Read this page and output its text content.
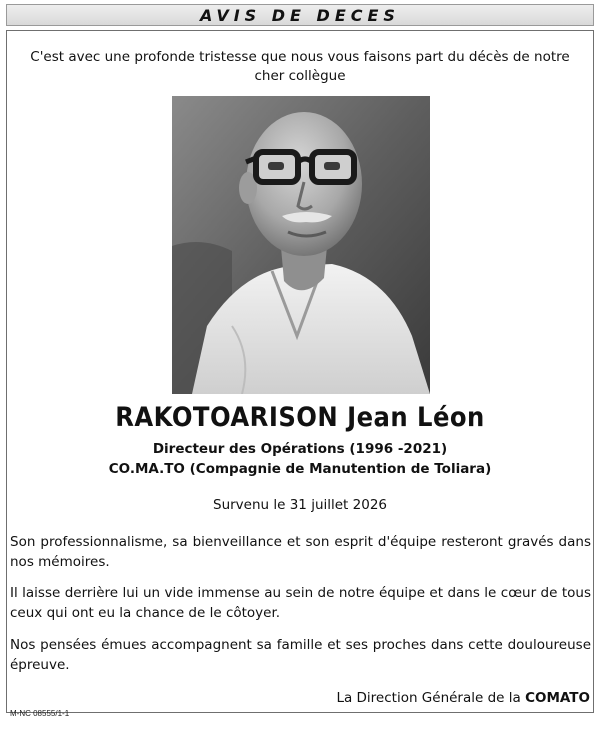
AVIS DE DECES
C'est avec une profonde tristesse que nous vous faisons part du décès de notre cher collègue
RAKOTOARISON Jean Léon
Directeur des Opérations (1996 -2021)
CO.MA.TO (Compagnie de Manutention de Toliara)
Survenu le 31 juillet 2026
Son professionnalisme, sa bienveillance et son esprit d'équipe resteront gravés dans nos mémoires.
Il laisse derrière lui un vide immense au sein de notre équipe et dans le cœur de tous ceux qui ont eu la chance de le côtoyer.
Nos pensées émues accompagnent sa famille et ses proches dans cette douloureuse épreuve.
La Direction Générale de la COMATO
M-NC 08555/1-1
